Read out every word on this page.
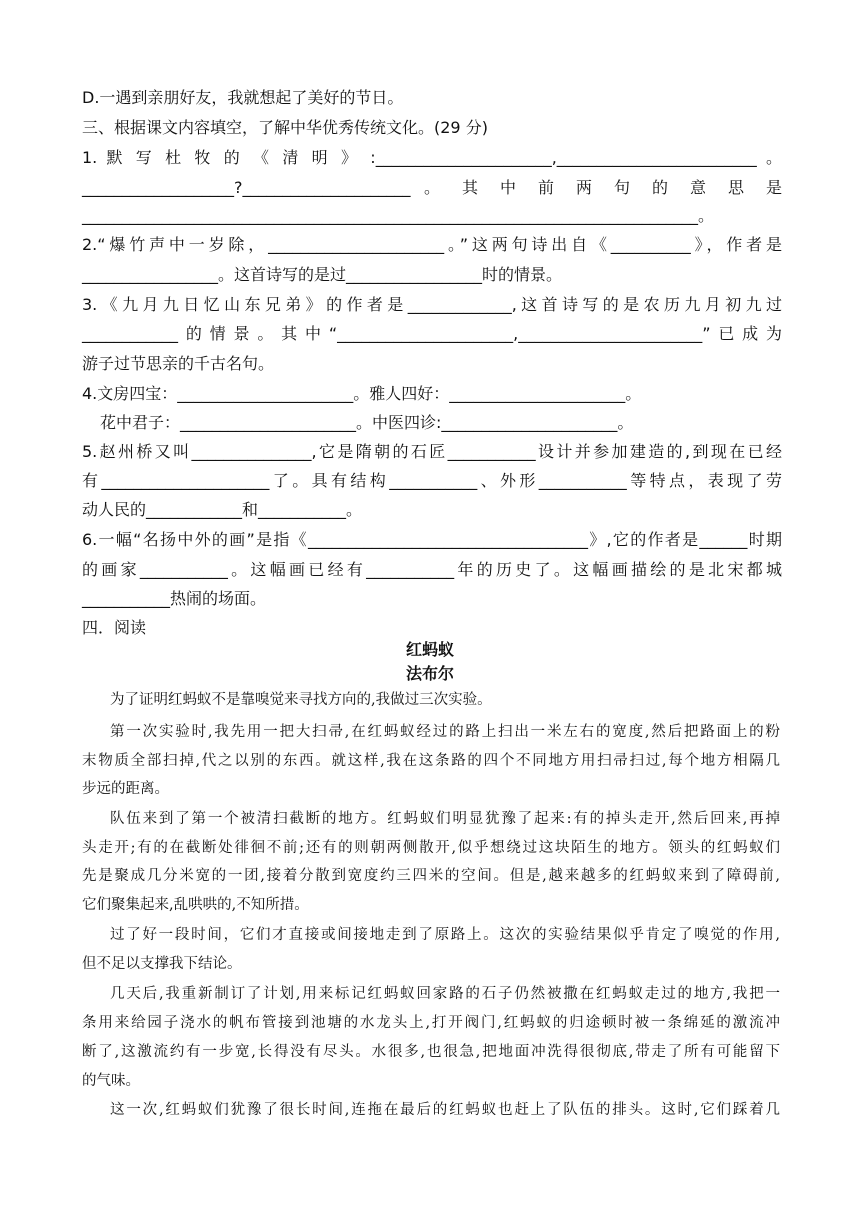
D.一遇到亲朋好友，我就想起了美好的节日。
三、根据课文内容填空，了解中华优秀传统文化。(29 分)
1. 默 写 杜 牧 的 《 清 明 》 :______________________,_________________________ 。
___________________?_____________________ 。 其 中 前 两 句 的 意 思 是
_____________________________________________________________________________。
2.“爆竹声中一岁除，______________________。”这两句诗出自《__________》，作者是
_________________。这首诗写的是过_________________时的情景。
3.《九月九日忆山东兄弟》的作者是_____________,这首诗写的是农历九月初九过
____________的情景。其中“______________________,_______________________”已成为
游子过节思亲的千古名句。
4.文房四宝：______________________。雅人四好：______________________。
花中君子：______________________。中医四诊:______________________。
5.赵州桥又叫_______________,它是隋朝的石匠___________设计并参加建造的,到现在已经
有_____________________了。具有结构___________、外形___________等特点，表现了劳
动人民的____________和___________。
6.一幅“名扬中外的画”是指《___________________________________》,它的作者是______时期
的画家___________。这幅画已经有___________年的历史了。这幅画描绘的是北宋都城
___________热闹的场面。
四．阅读
红蚂蚁
法布尔
为了证明红蚂蚁不是靠嗅觉来寻找方向的,我做过三次实验。
第一次实验时,我先用一把大扫帚,在红蚂蚁经过的路上扫出一米左右的宽度,然后把路面上的粉
末物质全部扫掉,代之以别的东西。就这样,我在这条路的四个不同地方用扫帚扫过,每个地方相隔几
步远的距离。
队伍来到了第一个被清扫截断的地方。红蚂蚁们明显犹豫了起来:有的掉头走开,然后回来,再掉
头走开;有的在截断处徘徊不前;还有的则朝两侧散开,似乎想绕过这块陌生的地方。领头的红蚂蚁们
先是聚成几分米宽的一团,接着分散到宽度约三四米的空间。但是,越来越多的红蚂蚁来到了障碍前,
它们聚集起来,乱哄哄的,不知所措。
过了好一段时间，它们才直接或间接地走到了原路上。这次的实验结果似乎肯定了嗅觉的作用,
但不足以支撑我下结论。
几天后,我重新制订了计划,用来标记红蚂蚁回家路的石子仍然被撒在红蚂蚁走过的地方,我把一
条用来给园子浇水的帆布管接到池塘的水龙头上,打开阀门,红蚂蚁的归途顿时被一条绵延的激流冲
断了,这激流约有一步宽,长得没有尽头。水很多,也很急,把地面冲洗得很彻底,带走了所有可能留下
的气味。
这一次,红蚂蚁们犹豫了很长时间,连拖在最后的红蚂蚁也赶上了队伍的排头。这时,它们踩着几
